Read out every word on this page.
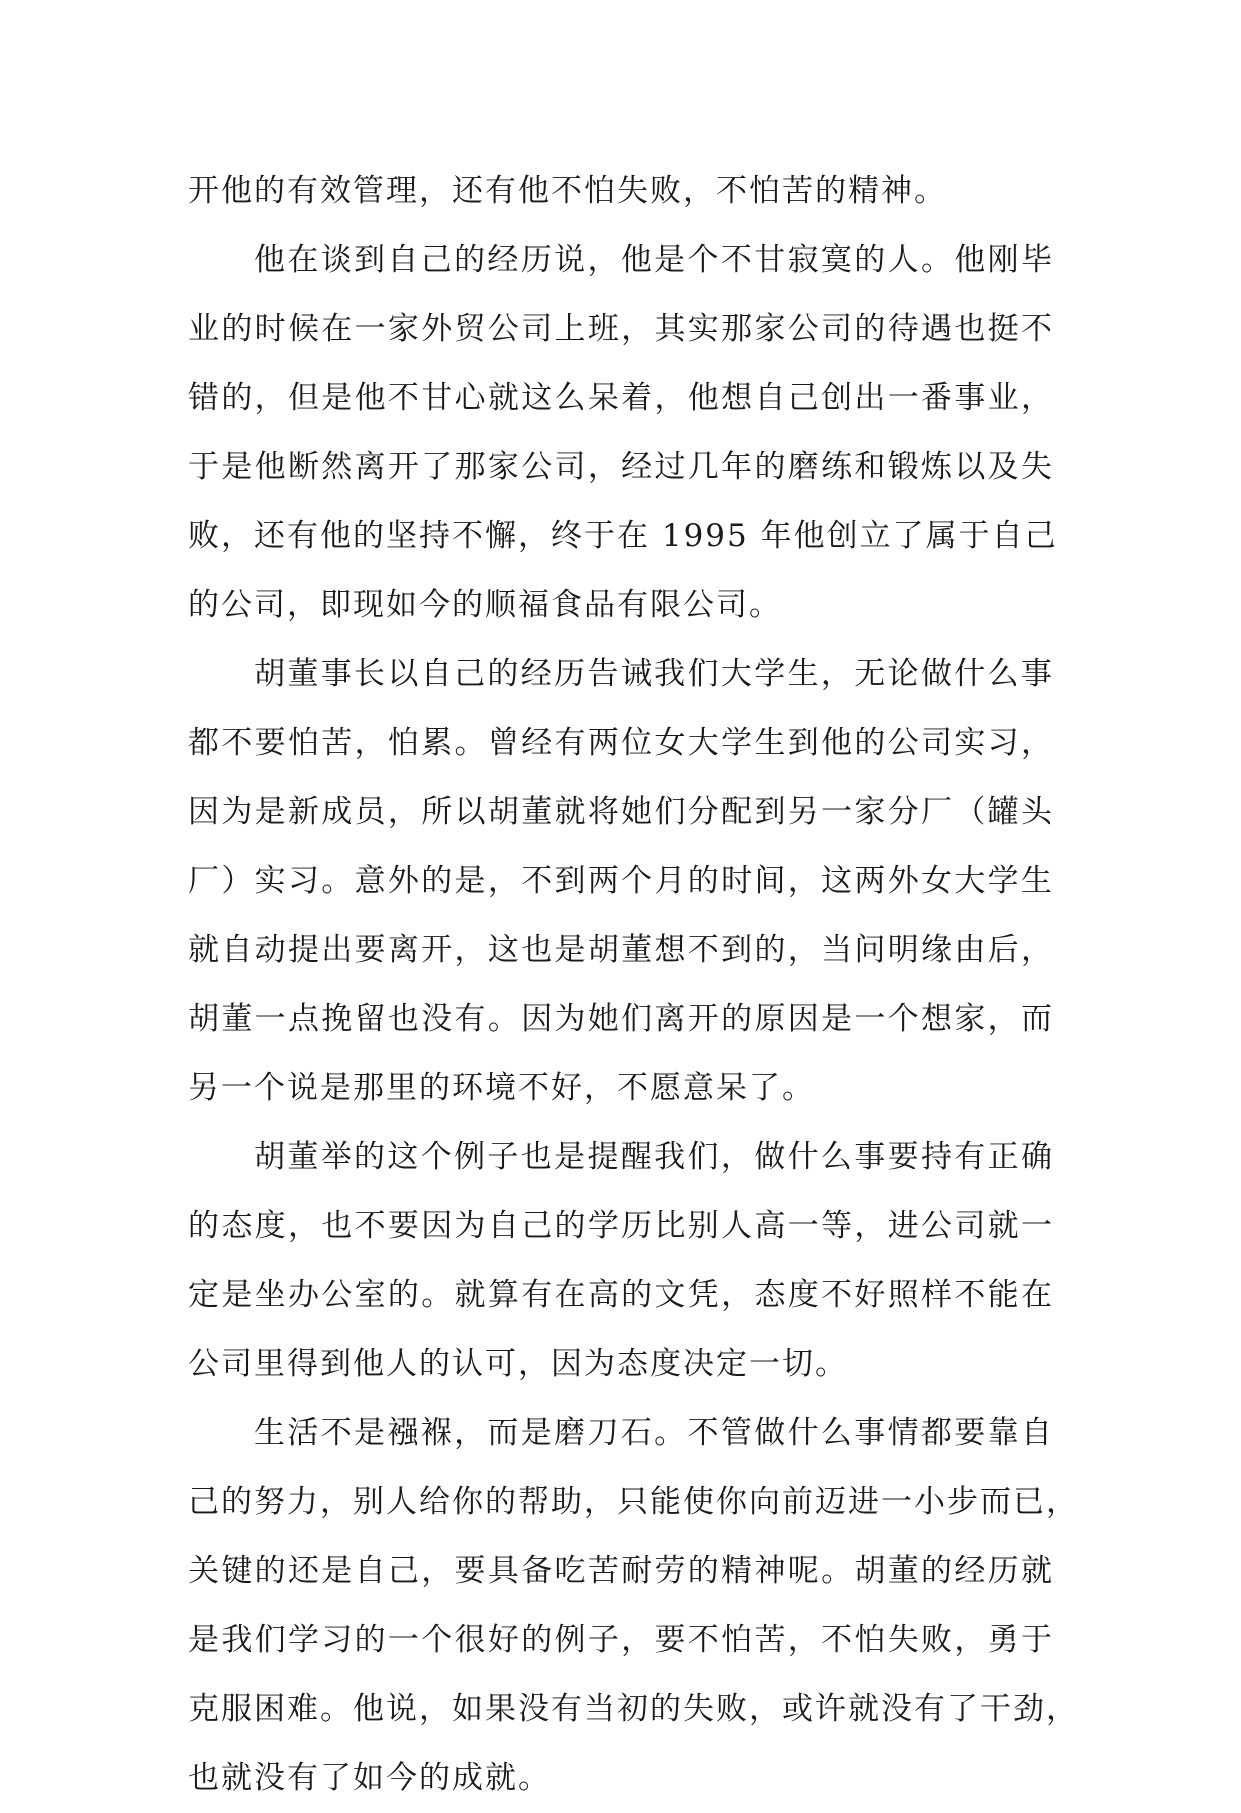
开他的有效管理，还有他不怕失败，不怕苦的精神。
他在谈到自己的经历说，他是个不甘寂寞的人。他刚毕
业的时候在一家外贸公司上班，其实那家公司的待遇也挺不
错的，但是他不甘心就这么呆着，他想自己创出一番事业，
于是他断然离开了那家公司，经过几年的磨练和锻炼以及失
败，还有他的坚持不懈，终于在 1995 年他创立了属于自己
的公司，即现如今的顺福食品有限公司。
胡董事长以自己的经历告诫我们大学生，无论做什么事
都不要怕苦，怕累。曾经有两位女大学生到他的公司实习，
因为是新成员，所以胡董就将她们分配到另一家分厂（罐头
厂）实习。意外的是，不到两个月的时间，这两外女大学生
就自动提出要离开，这也是胡董想不到的，当问明缘由后，
胡董一点挽留也没有。因为她们离开的原因是一个想家，而
另一个说是那里的环境不好，不愿意呆了。
胡董举的这个例子也是提醒我们，做什么事要持有正确
的态度，也不要因为自己的学历比别人高一等，进公司就一
定是坐办公室的。就算有在高的文凭，态度不好照样不能在
公司里得到他人的认可，因为态度决定一切。
生活不是襁褓，而是磨刀石。不管做什么事情都要靠自
己的努力，别人给你的帮助，只能使你向前迈进一小步而已，
关键的还是自己，要具备吃苦耐劳的精神呢。胡董的经历就
是我们学习的一个很好的例子，要不怕苦，不怕失败，勇于
克服困难。他说，如果没有当初的失败，或许就没有了干劲，
也就没有了如今的成就。
